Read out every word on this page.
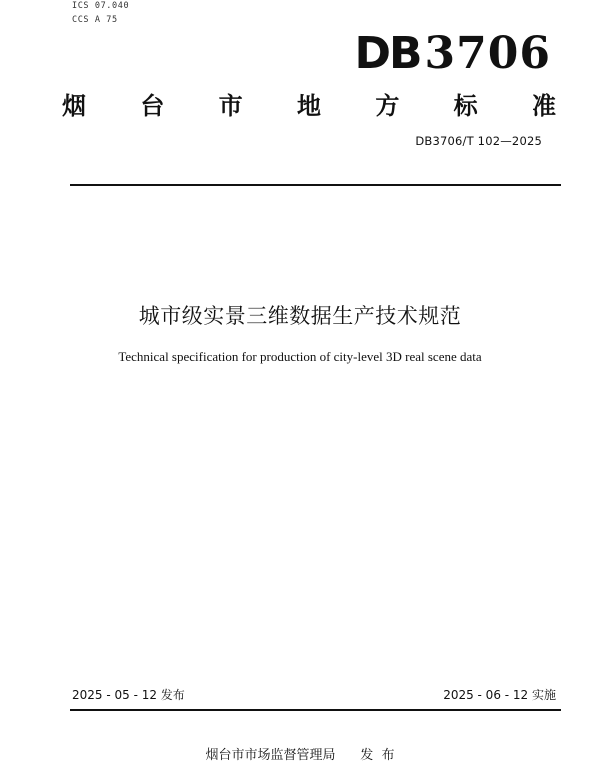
ICS 07.040
CCS A 75
DB3706
烟 台 市 地 方 标 准
DB3706/T 102—2025
城市级实景三维数据生产技术规范
Technical specification for production of city-level 3D real scene data
2025 - 05 - 12 发布	2025 - 06 - 12 实施
烟台市市场监督管理局 发  布
